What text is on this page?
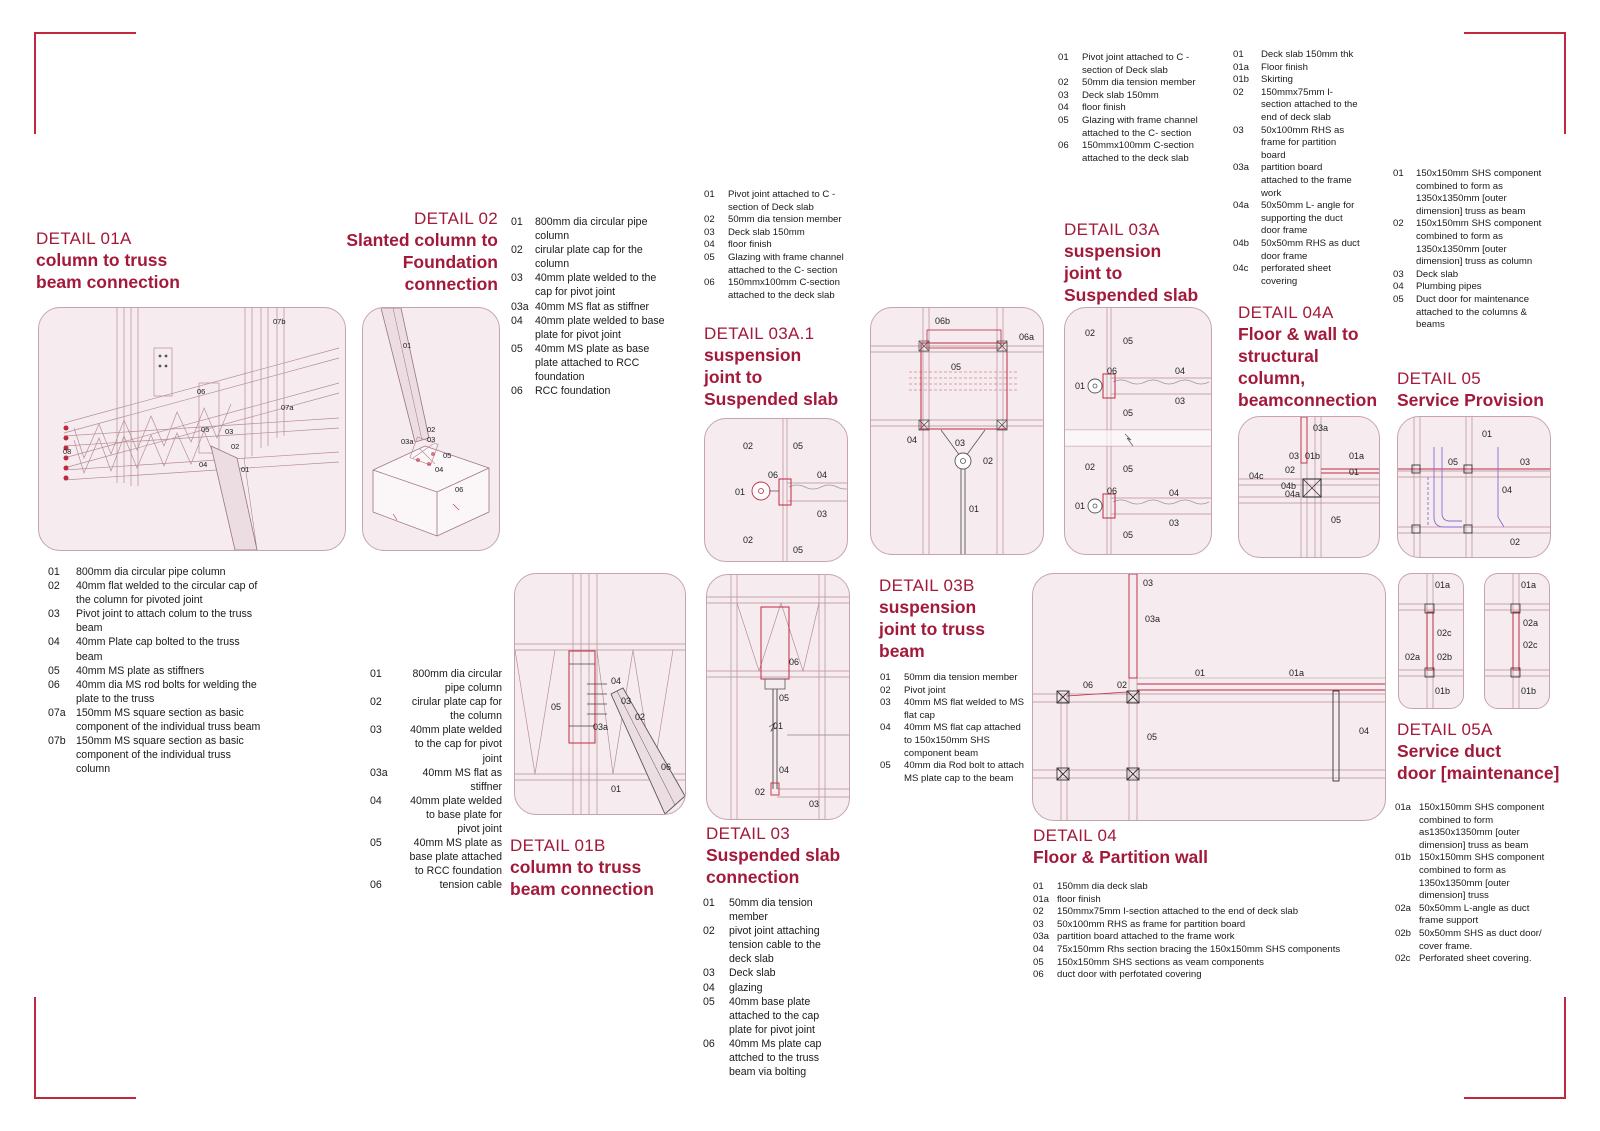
DETAIL 01A
column to truss
beam connection
DETAIL 02
Slanted column to
Foundation
connection
DETAIL 03A.1
suspension
joint to
Suspended slab
DETAIL 03A
suspension
joint to
Suspended slab
DETAIL 04A
Floor & wall to
structural
column,
beamconnection
DETAIL 05
Service Provision
DETAIL 03B
suspension
joint to truss
beam
DETAIL 05A
Service duct
door [maintenance]
DETAIL 01B
column to truss
beam connection
DETAIL 03
Suspended slab
connection
DETAIL 04
Floor & Partition wall
01	800mm dia circular pipe column
02	40mm flat welded to the circular cap of the column for pivoted joint
03	Pivot joint to attach colum to the truss beam
04	40mm Plate cap bolted to the truss beam
05	40mm MS plate as stiffners
06	40mm dia MS rod bolts for welding the plate to the truss
07a 150mm MS square section as basic component of the individual truss beam
07b 150mm MS square section as basic component of the individual truss column
01	800mm dia circular pipe column
02	cirular plate cap for the column
03	40mm plate welded to the cap for pivot joint
03a 40mm MS flat as stiffner
04	40mm plate welded to base plate for pivot joint
05	40mm MS plate as base plate attached to RCC foundation
06	RCC foundation
01	800mm dia circular pipe column
02	cirular plate cap for the column
03	40mm plate welded to the cap for pivot joint
03a	40mm MS flat as stiffner
04	40mm plate welded to base plate for pivot joint
05	40mm MS plate as base plate attached to RCC foundation
06	tension cable
01	Pivot joint attached to C - section of Deck slab
02	50mm dia tension member
03	Deck slab 150mm
04	floor finish
05	Glazing with frame channel attached to the C- section
06	150mmx100mm C-section attached to the deck slab
01	Pivot joint attached to C - section of Deck slab
02	50mm dia tension member
03	Deck slab 150mm
04	floor finish
05	Glazing with frame channel attached to the C- section
06	150mmx100mm C-section attached to the deck slab
01	Deck slab 150mm thk
01a	Floor finish
01b	Skirting
02	150mmx75mm I-section attached to the end of deck slab
03	50x100mm RHS as frame for partition board
03a	partition board attached to the frame work
04a	50x50mm L- angle for supporting the duct door frame
04b	50x50mm RHS as duct door frame
04c	perforated sheet covering
01	150x150mm SHS component combined to form as 1350x1350mm [outer dimension] truss as beam
02	150x150mm SHS component combined to form as 1350x1350mm [outer dimension] truss as column
03	Deck slab
04	Plumbing pipes
05	Duct door for maintenance attached to the columns & beams
01	50mm dia tension member
02	Pivot joint
03	40mm MS flat welded to MS flat cap
04	40mm MS flat cap attached to 150x150mm SHS component beam
05	40mm dia Rod bolt to attach MS plate cap to the beam
01	50mm dia tension member
02	pivot joint attaching tension cable to the deck slab
03	Deck slab
04	glazing
05	40mm base plate attached to the cap plate for pivot joint
06	40mm Ms plate cap attched to the truss beam via bolting
01	150mm dia deck slab
01a floor finish
02	150mmx75mm I-section attached to the end of deck slab
03	50x100mm RHS as frame for partition board
03a partition board attached to the frame work
04	75x150mm Rhs section bracing the 150x150mm SHS components
05	150x150mm SHS sections as veam components
06	duct door with perfotated covering
01a 150x150mm SHS component combined to form as1350x1350mm [outer dimension] truss as beam
01b 150x150mm SHS component combined to form as 1350x1350mm [outer dimension] truss
02a 50x50mm L-angle as duct frame support
02b 50x50mm SHS as duct door/ cover frame.
02c Perforated sheet covering.
07b
07a
06
03
05
02
04
01
08
01
02
03
03a
04
05
06
04
03
02
05
03a
06
01
02	05
06	04
01
03
02
05
06
05
01
04
02
03
06b
06a
05
04	03
02
01
02
05
06	04
01
03
05
02	05
06	04
01
03
05
03a
03 01b	01a
02	01
04c
04b
04a
05
01
05	03
04
02
03
03a
01	01a
06	02
05
04
01a
02c
02a 02b
01b
01a
02a
02c
01b
